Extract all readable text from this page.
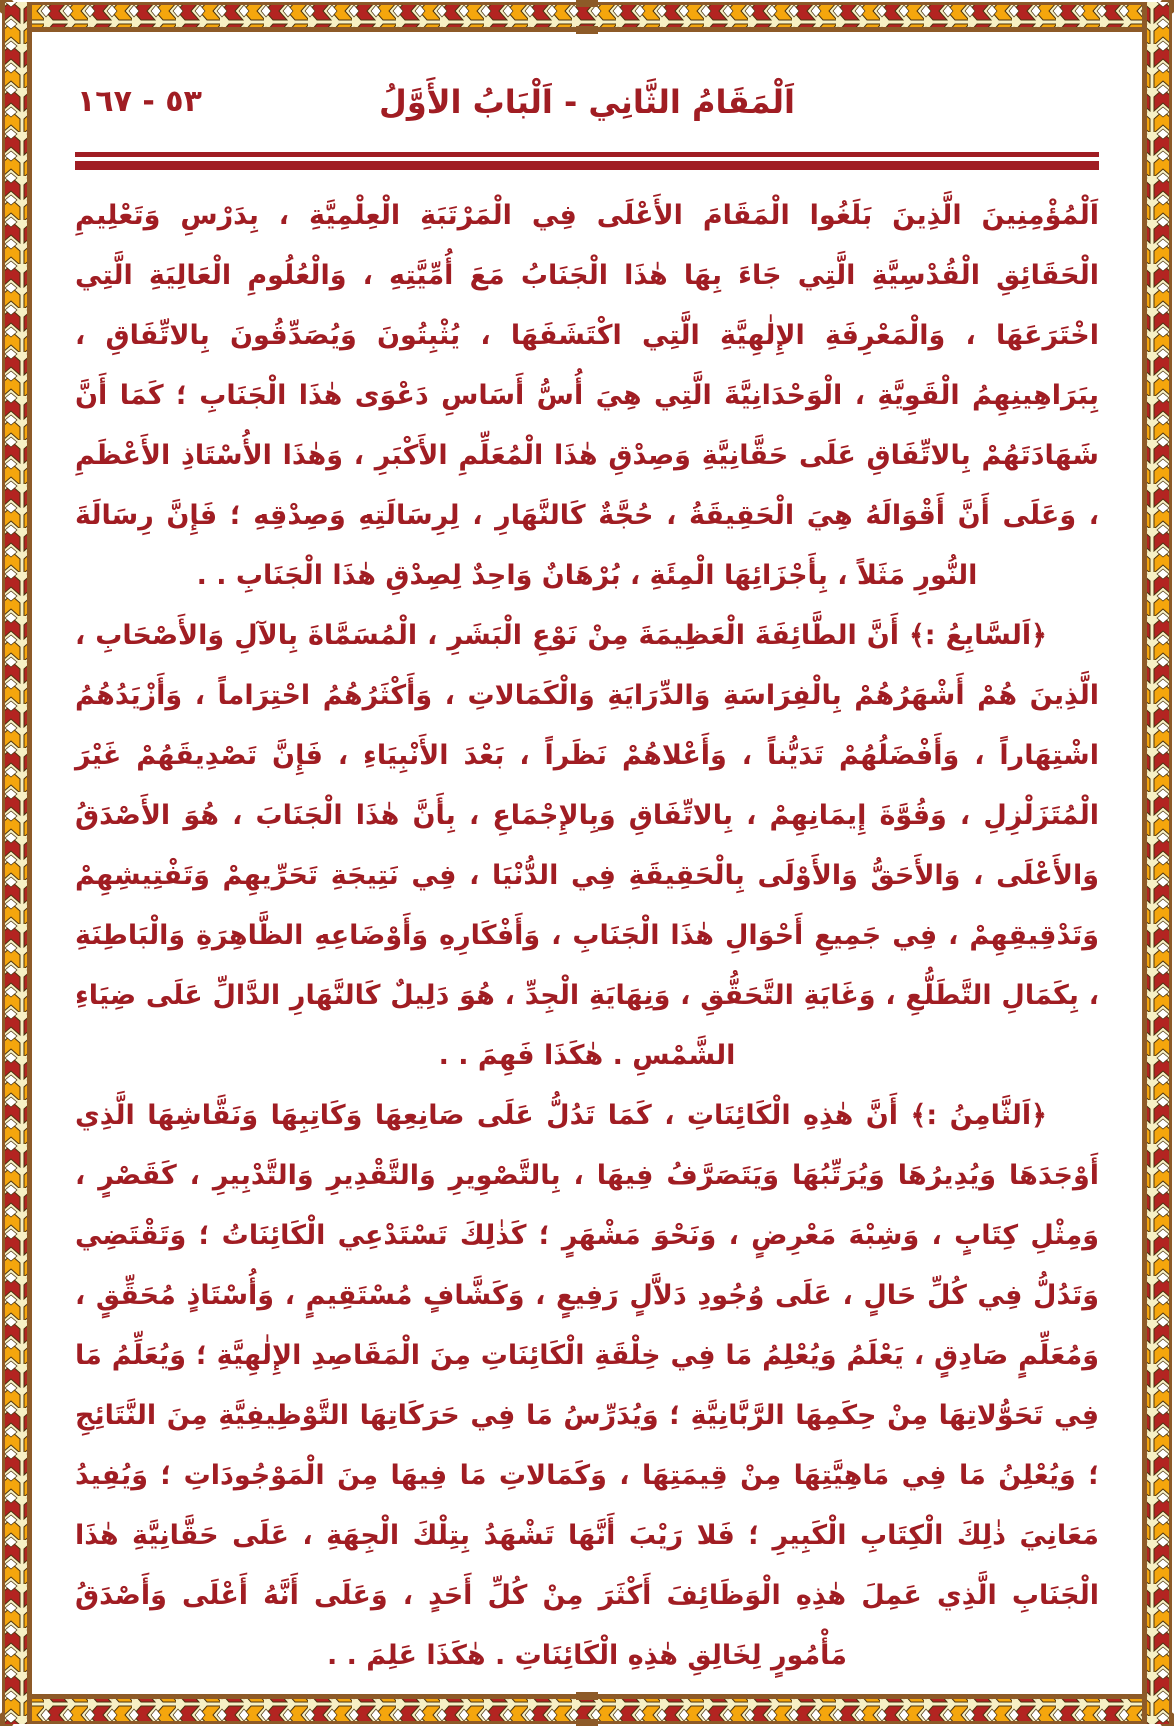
اَلْمَقَامُ الثَّانِي - اَلْبَابُ الأَوَّلُ
٥٣ - ١٦٧

اَلْمُؤْمِنِينَ الَّذِينَ بَلَغُوا الْمَقَامَ الأَعْلَى فِي الْمَرْتَبَةِ الْعِلْمِيَّةِ ، بِدَرْسِ وَتَعْلِيمِ الْحَقَائِقِ الْقُدْسِيَّةِ الَّتِي جَاءَ بِهَا هٰذَا الْجَنَابُ مَعَ أُمِّيَّتِهِ ، وَالْعُلُومِ الْعَالِيَةِ الَّتِي اخْتَرَعَهَا ، وَالْمَعْرِفَةِ الإِلٰهِيَّةِ الَّتِي اكْتَشَفَهَا ، يُثْبِتُونَ وَيُصَدِّقُونَ بِالاتِّفَاقِ ، بِبَرَاهِينِهِمُ الْقَوِيَّةِ ، الْوَحْدَانِيَّةَ الَّتِي هِيَ أُسُّ أَسَاسِ دَعْوَى هٰذَا الْجَنَابِ ؛ كَمَا أَنَّ شَهَادَتَهُمْ بِالاتِّفَاقِ عَلَى حَقَّانِيَّةِ وَصِدْقِ هٰذَا الْمُعَلِّمِ الأَكْبَرِ ، وَهٰذَا الأُسْتَاذِ الأَعْظَمِ ، وَعَلَى أَنَّ أَقْوَالَهُ هِيَ الْحَقِيقَةُ ، حُجَّةٌ كَالنَّهَارِ ، لِرِسَالَتِهِ وَصِدْقِهِ ؛ فَإِنَّ رِسَالَةَ النُّورِ مَثَلاً ، بِأَجْزَائِهَا الْمِئَةِ ، بُرْهَانٌ وَاحِدٌ لِصِدْقِ هٰذَا الْجَنَابِ . .

﴿اَلسَّابِعُ :﴾ أَنَّ الطَّائِفَةَ الْعَظِيمَةَ مِنْ نَوْعِ الْبَشَرِ ، الْمُسَمَّاةَ بِالآلِ وَالأَصْحَابِ ، الَّذِينَ هُمْ أَشْهَرُهُمْ بِالْفِرَاسَةِ وَالدِّرَايَةِ وَالْكَمَالاتِ ، وَأَكْثَرُهُمُ احْتِرَاماً ، وَأَزْيَدُهُمُ اشْتِهَاراً ، وَأَفْضَلُهُمْ تَدَيُّناً ، وَأَعْلاهُمْ نَظَراً ، بَعْدَ الأَنْبِيَاءِ ، فَإِنَّ تَصْدِيقَهُمْ غَيْرَ الْمُتَزَلْزِلِ ، وَقُوَّةَ إِيمَانِهِمْ ، بِالاتِّفَاقِ وَبِالإِجْمَاعِ ، بِأَنَّ هٰذَا الْجَنَابَ ، هُوَ الأَصْدَقُ وَالأَعْلَى ، وَالأَحَقُّ وَالأَوْلَى بِالْحَقِيقَةِ فِي الدُّنْيَا ، فِي نَتِيجَةِ تَحَرِّيهِمْ وَتَفْتِيشِهِمْ وَتَدْقِيقِهِمْ ، فِي جَمِيعِ أَحْوَالِ هٰذَا الْجَنَابِ ، وَأَفْكَارِهِ وَأَوْضَاعِهِ الظَّاهِرَةِ وَالْبَاطِنَةِ ، بِكَمَالِ التَّطَلُّعِ ، وَغَايَةِ التَّحَقُّقِ ، وَنِهَايَةِ الْجِدِّ ، هُوَ دَلِيلٌ كَالنَّهَارِ الدَّالِّ عَلَى ضِيَاءِ الشَّمْسِ . هٰكَذَا فَهِمَ . .

﴿اَلثَّامِنُ :﴾ أَنَّ هٰذِهِ الْكَائِنَاتِ ، كَمَا تَدُلُّ عَلَى صَانِعِهَا وَكَاتِبِهَا وَنَقَّاشِهَا الَّذِي أَوْجَدَهَا وَيُدِيرُهَا وَيُرَتِّبُهَا وَيَتَصَرَّفُ فِيهَا ، بِالتَّصْوِيرِ وَالتَّقْدِيرِ وَالتَّدْبِيرِ ، كَقَصْرٍ ، وَمِثْلِ كِتَابٍ ، وَشِبْهَ مَعْرِضٍ ، وَنَحْوَ مَشْهَرٍ ؛ كَذٰلِكَ تَسْتَدْعِي الْكَائِنَاتُ ؛ وَتَقْتَضِي وَتَدُلُّ فِي كُلِّ حَالٍ ، عَلَى وُجُودِ دَلاَّلٍ رَفِيعٍ ، وَكَشَّافٍ مُسْتَقِيمٍ ، وَأُسْتَاذٍ مُحَقِّقٍ ، وَمُعَلِّمٍ صَادِقٍ ، يَعْلَمُ وَيُعْلِمُ مَا فِي خِلْقَةِ الْكَائِنَاتِ مِنَ الْمَقَاصِدِ الإِلٰهِيَّةِ ؛ وَيُعَلِّمُ مَا فِي تَحَوُّلاتِهَا مِنْ حِكَمِهَا الرَّبَّانِيَّةِ ؛ وَيُدَرِّسُ مَا فِي حَرَكَاتِهَا التَّوْظِيفِيَّةِ مِنَ النَّتَائِجِ ؛ وَيُعْلِنُ مَا فِي مَاهِيَّتِهَا مِنْ قِيمَتِهَا ، وَكَمَالاتِ مَا فِيهَا مِنَ الْمَوْجُودَاتِ ؛ وَيُفِيدُ مَعَانِيَ ذٰلِكَ الْكِتَابِ الْكَبِيرِ ؛ فَلا رَيْبَ أَنَّهَا تَشْهَدُ بِتِلْكَ الْجِهَةِ ، عَلَى حَقَّانِيَّةِ هٰذَا الْجَنَابِ الَّذِي عَمِلَ هٰذِهِ الْوَظَائِفَ أَكْثَرَ مِنْ كُلِّ أَحَدٍ ، وَعَلَى أَنَّهُ أَعْلَى وَأَصْدَقُ مَأْمُورٍ لِخَالِقِ هٰذِهِ الْكَائِنَاتِ . هٰكَذَا عَلِمَ . .
